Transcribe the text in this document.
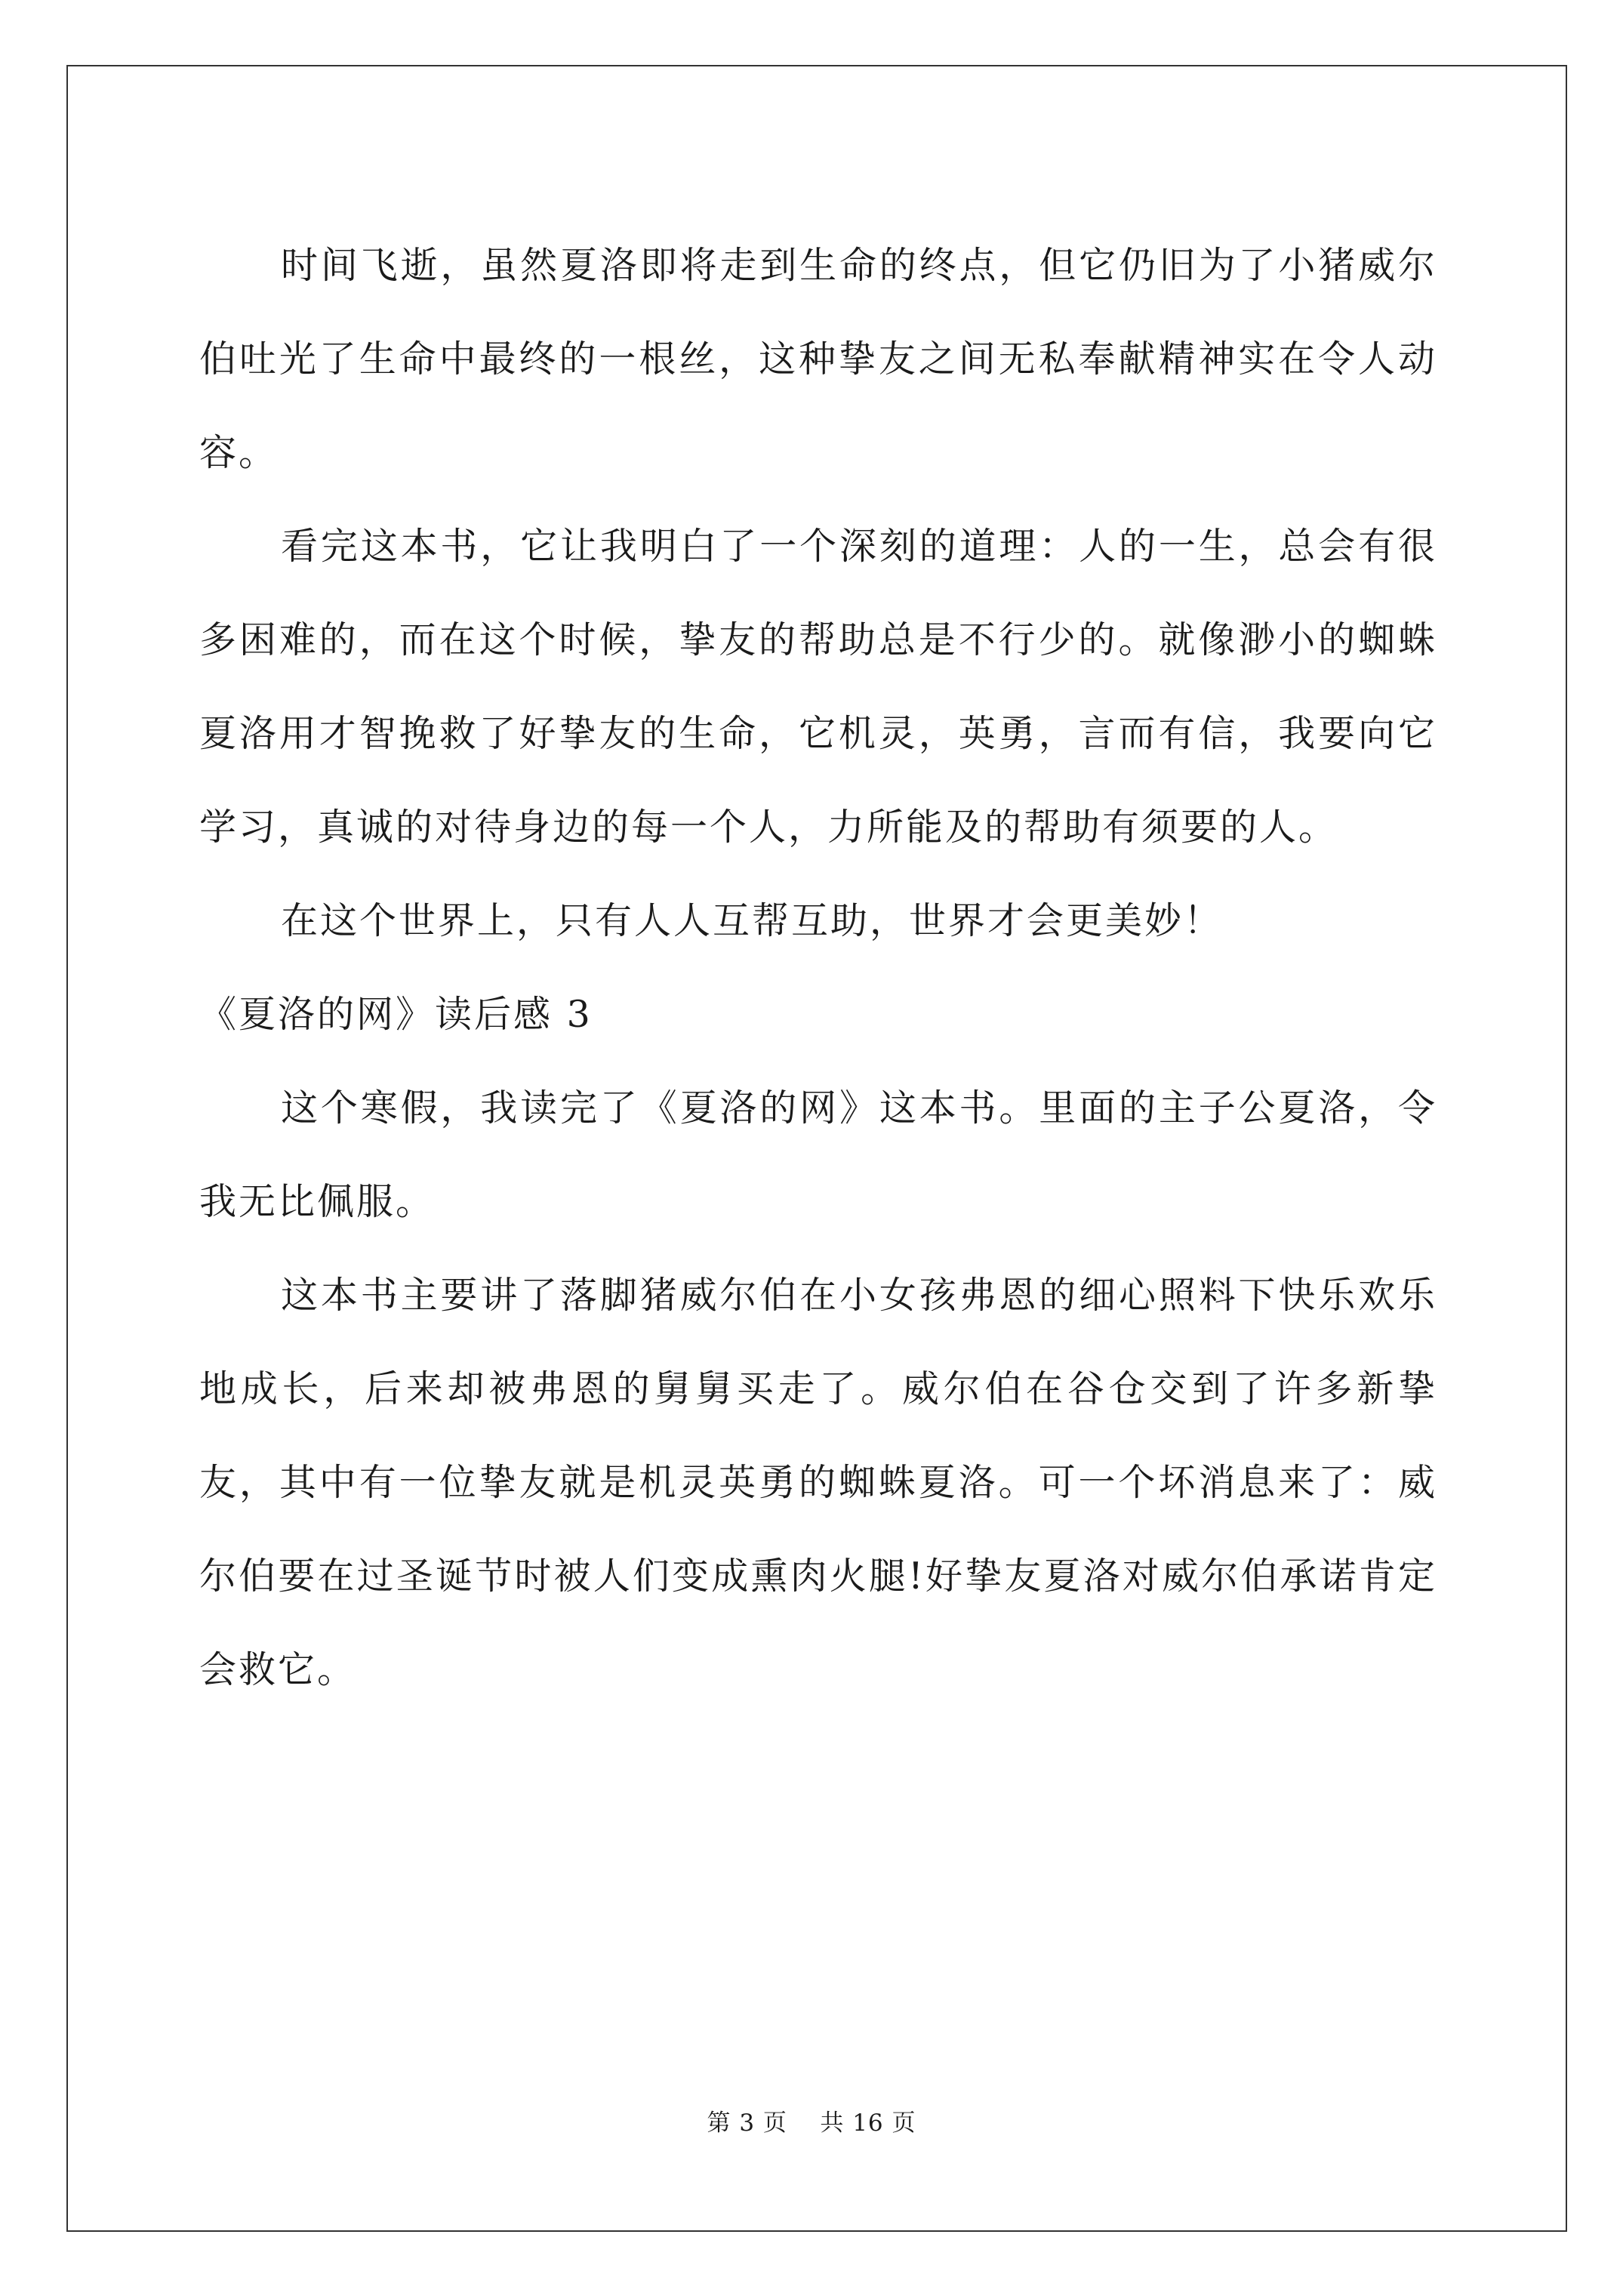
时间飞逝，虽然夏洛即将走到生命的终点，但它仍旧为了小猪威尔伯吐光了生命中最终的一根丝，这种挚友之间无私奉献精神实在令人动容。

看完这本书，它让我明白了一个深刻的道理：人的一生，总会有很多困难的，而在这个时候，挚友的帮助总是不行少的。就像渺小的蜘蛛夏洛用才智挽救了好挚友的生命，它机灵，英勇，言而有信，我要向它学习，真诚的对待身边的每一个人，力所能及的帮助有须要的人。

在这个世界上，只有人人互帮互助，世界才会更美妙！

《夏洛的网》读后感 3

这个寒假，我读完了《夏洛的网》这本书。里面的主子公夏洛，令我无比佩服。

这本书主要讲了落脚猪威尔伯在小女孩弗恩的细心照料下快乐欢乐地成长，后来却被弗恩的舅舅买走了。威尔伯在谷仓交到了许多新挚友，其中有一位挚友就是机灵英勇的蜘蛛夏洛。可一个坏消息来了：威尔伯要在过圣诞节时被人们变成熏肉火腿!好挚友夏洛对威尔伯承诺肯定会救它。

第 3 页 共 16 页
